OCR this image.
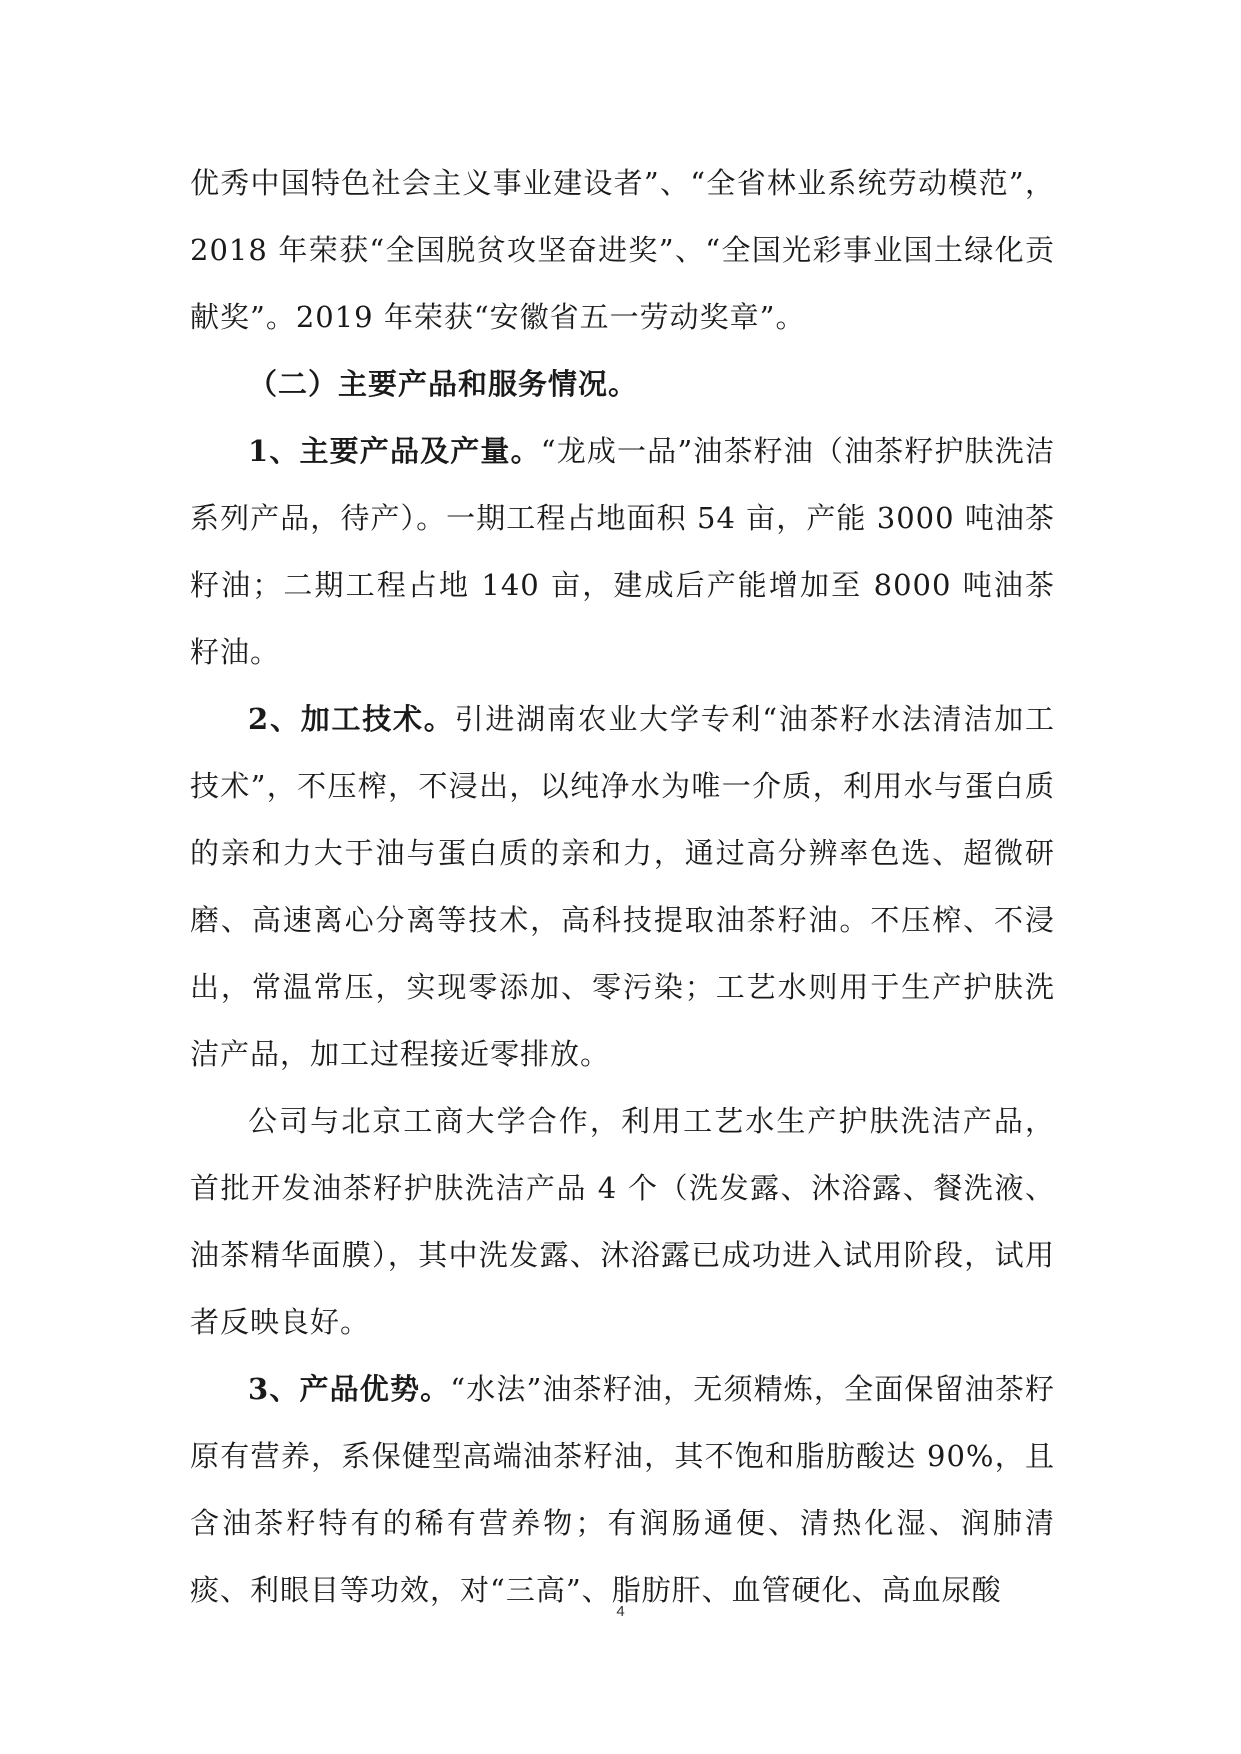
优秀中国特色社会主义事业建设者”、“全省林业系统劳动模范”，2018 年荣获“全国脱贫攻坚奋进奖”、“全国光彩事业国土绿化贡献奖”。2019 年荣获“安徽省五一劳动奖章”。

（二）主要产品和服务情况。

1、主要产品及产量。“龙成一品”油茶籽油（油茶籽护肤洗洁系列产品，待产）。一期工程占地面积 54 亩，产能 3000 吨油茶籽油；二期工程占地 140 亩，建成后产能增加至 8000 吨油茶籽油。

2、加工技术。引进湖南农业大学专利“油茶籽水法清洁加工技术”，不压榨，不浸出，以纯净水为唯一介质，利用水与蛋白质的亲和力大于油与蛋白质的亲和力，通过高分辨率色选、超微研磨、高速离心分离等技术，高科技提取油茶籽油。不压榨、不浸出，常温常压，实现零添加、零污染；工艺水则用于生产护肤洗洁产品，加工过程接近零排放。

公司与北京工商大学合作，利用工艺水生产护肤洗洁产品，首批开发油茶籽护肤洗洁产品 4 个（洗发露、沐浴露、餐洗液、油茶精华面膜），其中洗发露、沐浴露已成功进入试用阶段，试用者反映良好。

3、产品优势。“水法”油茶籽油，无须精炼，全面保留油茶籽原有营养，系保健型高端油茶籽油，其不饱和脂肪酸达 90%，且含油茶籽特有的稀有营养物；有润肠通便、清热化湿、润肺清痰、利眼目等功效，对“三高”、脂肪肝、血管硬化、高血尿酸

4
